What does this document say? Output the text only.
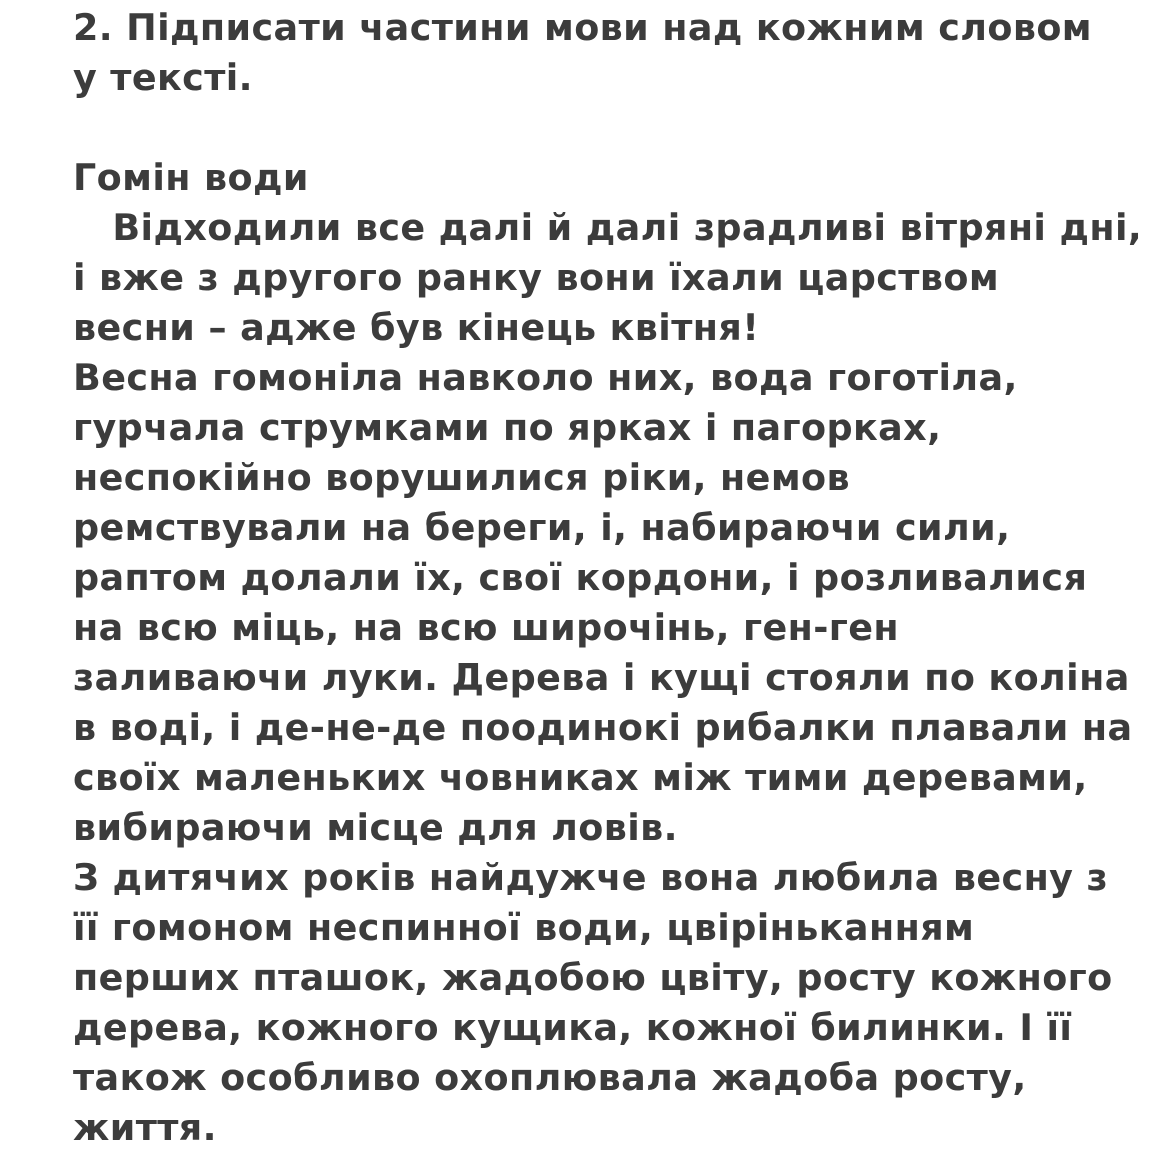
2. Підписати частини мови над кожним словом
у тексті.
Гомін води
Відходили все далі й далі зрадливі вітряні дні,
і вже з другого ранку вони їхали царством
весни – адже був кінець квітня!
Весна гомоніла навколо них, вода гоготіла,
гурчала струмками по ярках і пагорках,
неспокійно ворушилися ріки, немов
ремствували на береги, і, набираючи сили,
раптом долали їх, свої кордони, і розливалися
на всю міць, на всю широчінь, ген-ген
заливаючи луки. Дерева і кущі стояли по коліна
в воді, і де-не-де поодинокі рибалки плавали на
своїх маленьких човниках між тими деревами,
вибираючи місце для ловів.
З дитячих років найдужче вона любила весну з
її гомоном неспинної води, цвіріньканням
перших пташок, жадобою цвіту, росту кожного
дерева, кожного кущика, кожної билинки. І її
також особливо охоплювала жадоба росту,
життя.
